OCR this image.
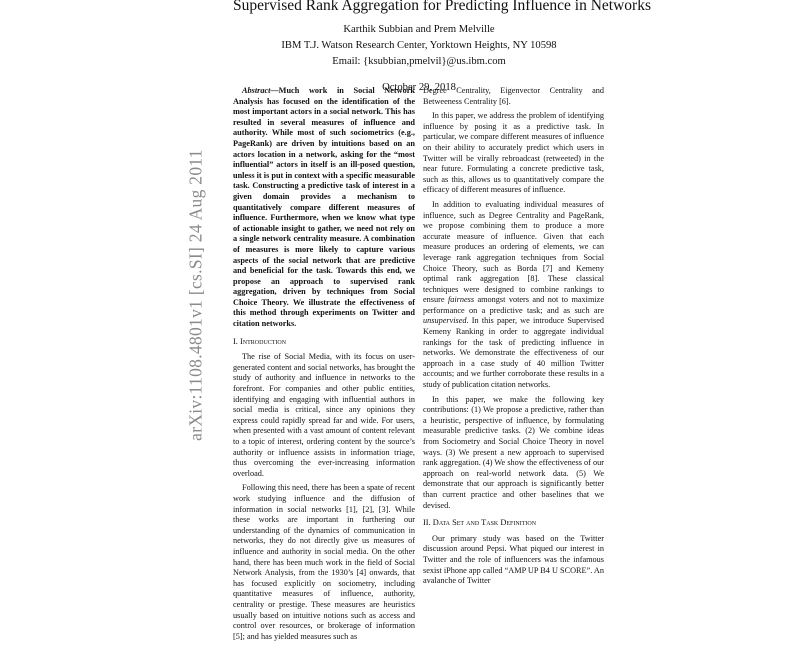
arXiv:1108.4801v1 [cs.SI] 24 Aug 2011
Supervised Rank Aggregation for Predicting Influence in Networks
Karthik Subbian and Prem Melville
IBM T.J. Watson Research Center, Yorktown Heights, NY 10598
Email: {ksubbian,pmelvil}@us.ibm.com
October 29, 2018

Abstract—Much work in Social Network Analysis has focused on the identification of the most important actors in a social network. This has resulted in several measures of influence and authority. While most of such sociometrics (e.g., PageRank) are driven by intuitions based on an actors location in a network, asking for the “most influential” actors in itself is an ill-posed question, unless it is put in context with a specific measurable task. Constructing a predictive task of interest in a given domain provides a mechanism to quantitatively compare different measures of influence. Furthermore, when we know what type of actionable insight to gather, we need not rely on a single network centrality measure. A combination of measures is more likely to capture various aspects of the social network that are predictive and beneficial for the task. Towards this end, we propose an approach to supervised rank aggregation, driven by techniques from Social Choice Theory. We illustrate the effectiveness of this method through experiments on Twitter and citation networks.

I. Introduction

The rise of Social Media, with its focus on user-generated content and social networks, has brought the study of authority and influence in networks to the forefront. For companies and other public entities, identifying and engaging with influential authors in social media is critical, since any opinions they express could rapidly spread far and wide. For users, when presented with a vast amount of content relevant to a topic of interest, ordering content by the source’s authority or influence assists in information triage, thus overcoming the ever-increasing information overload.

Following this need, there has been a spate of recent work studying influence and the diffusion of information in social networks [1], [2], [3]. While these works are important in furthering our understanding of the dynamics of communication in networks, they do not directly give us measures of influence and authority in social media. On the other hand, there has been much work in the field of Social Network Analysis, from the 1930’s [4] onwards, that has focused explicitly on sociometry, including quantitative measures of influence, authority, centrality or prestige. These measures are heuristics usually based on intuitive notions such as access and control over resources, or brokerage of information [5]; and has yielded measures such as

Degree Centrality, Eigenvector Centrality and Betweeness Centrality [6].

In this paper, we address the problem of identifying influence by posing it as a predictive task. In particular, we compare different measures of influence on their ability to accurately predict which users in Twitter will be virally rebroadcast (retweeted) in the near future. Formulating a concrete predictive task, such as this, allows us to quantitatively compare the efficacy of different measures of influence.

In addition to evaluating individual measures of influence, such as Degree Centrality and PageRank, we propose combining them to produce a more accurate measure of influence. Given that each measure produces an ordering of elements, we can leverage rank aggregation techniques from Social Choice Theory, such as Borda [7] and Kemeny optimal rank aggregation [8]. These classical techniques were designed to combine rankings to ensure fairness amongst voters and not to maximize performance on a predictive task; and as such are unsupervised. In this paper, we introduce Supervised Kemeny Ranking in order to aggregate individual rankings for the task of predicting influence in networks. We demonstrate the effectiveness of our approach in a case study of 40 million Twitter accounts; and we further corroborate these results in a study of publication citation networks.

In this paper, we make the following key contributions: (1) We propose a predictive, rather than a heuristic, perspective of influence, by formulating measurable predictive tasks. (2) We combine ideas from Sociometry and Social Choice Theory in novel ways. (3) We present a new approach to supervised rank aggregation. (4) We show the effectiveness of our approach on real-world network data. (5) We demonstrate that our approach is significantly better than current practice and other baselines that we devised.

II. Data Set and Task Definition

Our primary study was based on the Twitter discussion around Pepsi. What piqued our interest in Twitter and the role of influencers was the infamous sexist iPhone app called “AMP UP B4 U SCORE”. An avalanche of Twitter
